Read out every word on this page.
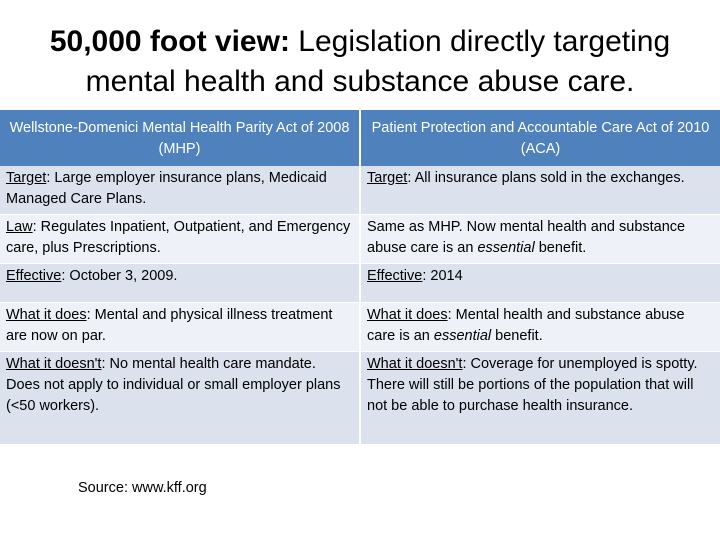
50,000 foot view: Legislation directly targeting mental health and substance abuse care.
Wellstone-Domenici Mental Health Parity Act of 2008 (MHP)	Patient Protection and Accountable Care Act of 2010 (ACA)
Target: Large employer insurance plans, Medicaid Managed Care Plans.	Target: All insurance plans sold in the exchanges.
Law: Regulates Inpatient, Outpatient, and Emergency care, plus Prescriptions.	Same as MHP. Now mental health and substance abuse care is an essential benefit.
Effective: October 3, 2009.	Effective: 2014
What it does: Mental and physical illness treatment are now on par.	What it does: Mental health and substance abuse care is an essential benefit.
What it doesn't: No mental health care mandate. Does not apply to individual or small employer plans (<50 workers).	What it doesn't: Coverage for unemployed is spotty. There will still be portions of the population that will not be able to purchase health insurance.
Source: www.kff.org
